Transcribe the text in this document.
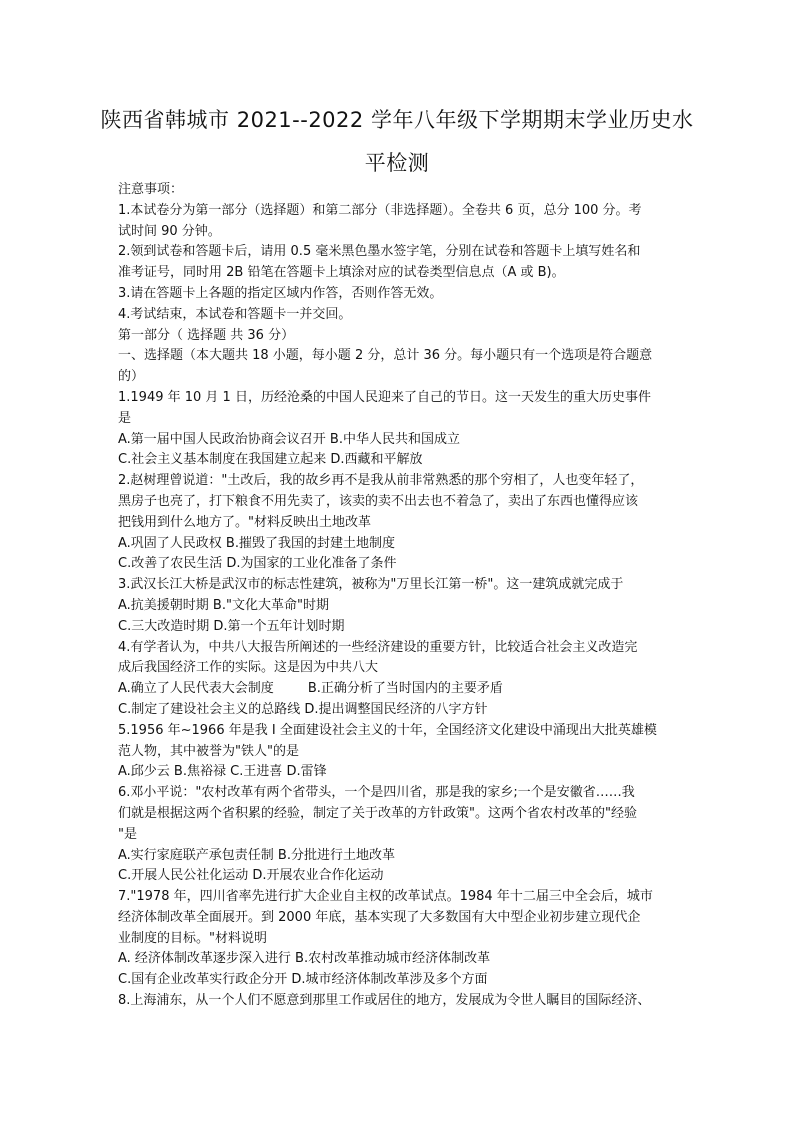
陕西省韩城市 2021--2022 学年八年级下学期期末学业历史水
平检测
注意事项：
1.本试卷分为第一部分（选择题）和第二部分（非选择题）。全卷共 6 页，总分 100 分。考
试时间 90 分钟。
2.领到试卷和答题卡后，请用 0.5 毫米黑色墨水签字笔，分别在试卷和答题卡上填写姓名和
准考证号，同时用 2B 铅笔在答题卡上填涂对应的试卷类型信息点（A 或 B)。
3.请在答题卡上各题的指定区域内作答，否则作答无效。
4.考试结束，本试卷和答题卡一并交回。
第一部分（ 选择题 共 36 分）
一、选择题（本大题共 18 小题，每小题 2 分，总计 36 分。每小题只有一个选项是符合题意
的）
1.1949 年 10 月 1 日，历经沧桑的中国人民迎来了自己的节日。这一天发生的重大历史事件
是
A.第一届中国人民政治协商会议召开 B.中华人民共和国成立
C.社会主义基本制度在我国建立起来 D.西藏和平解放
2.赵树理曾说道："土改后，我的故乡再不是我从前非常熟悉的那个穷相了，人也变年轻了，
黑房子也亮了，打下粮食不用先卖了，该卖的卖不出去也不着急了，卖出了东西也懂得应该
把钱用到什么地方了。"材料反映出土地改革
A.巩固了人民政权 B.摧毁了我国的封建土地制度
C.改善了农民生活 D.为国家的工业化准备了条件
3.武汉长江大桥是武汉市的标志性建筑，被称为"万里长江第一桥"。这一建筑成就完成于
A.抗美援朝时期 B."文化大革命"时期
C.三大改造时期 D.第一个五年计划时期
4.有学者认为，中共八大报告所阐述的一些经济建设的重要方针，比较适合社会主义改造完
成后我国经济工作的实际。这是因为中共八大
A.确立了人民代表大会制度	B.正确分析了当时国内的主要矛盾
C.制定了建设社会主义的总路线 D.提出调整国民经济的八字方针
5.1956 年~1966 年是我 I 全面建设社会主义的十年，全国经济文化建设中涌现出大批英雄模
范人物，其中被誉为"铁人"的是
A.邱少云 B.焦裕禄 C.王进喜 D.雷锋
6.邓小平说："农村改革有两个省带头，一个是四川省，那是我的家乡;一个是安徽省……我
们就是根据这两个省积累的经验，制定了关于改革的方针政策"。这两个省农村改革的"经验
"是
A.实行家庭联产承包责任制 B.分批进行土地改革
C.开展人民公社化运动 D.开展农业合作化运动
7."1978 年，四川省率先进行扩大企业自主权的改革试点。1984 年十二届三中全会后，城市
经济体制改革全面展开。到 2000 年底，基本实现了大多数国有大中型企业初步建立现代企
业制度的目标。"材料说明
A. 经济体制改革逐步深入进行 B.农村改革推动城市经济体制改革
C.国有企业改革实行政企分开 D.城市经济体制改革涉及多个方面
8.上海浦东，从一个人们不愿意到那里工作或居住的地方，发展成为令世人瞩目的国际经济、
